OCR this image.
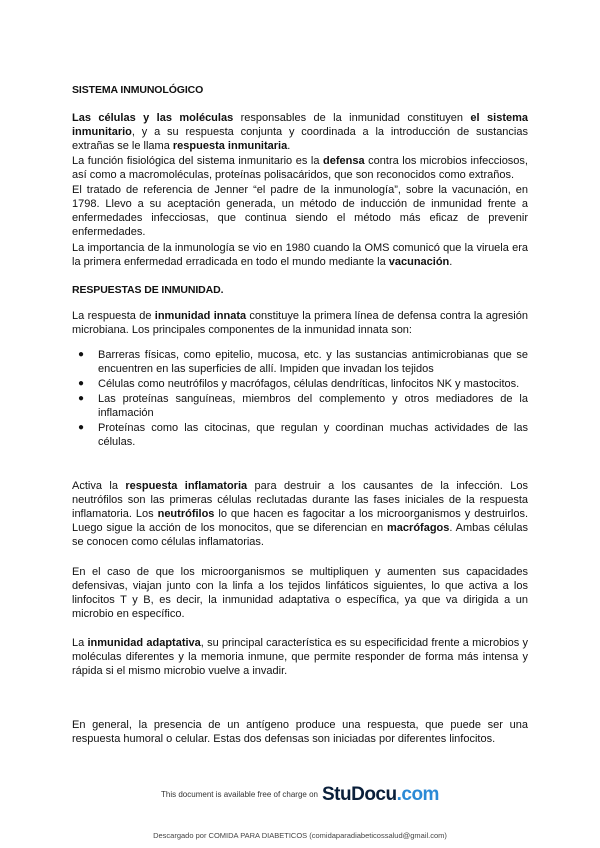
SISTEMA INMUNOLÓGICO
Las células y las moléculas responsables de la inmunidad constituyen el sistema inmunitario, y a su respuesta conjunta y coordinada a la introducción de sustancias extrañas se le llama respuesta inmunitaria.
La función fisiológica del sistema inmunitario es la defensa contra los microbios infecciosos, así como a macromoléculas, proteínas polisacáridos, que son reconocidos como extraños.
El tratado de referencia de Jenner “el padre de la inmunología”, sobre la vacunación, en 1798. Llevo a su aceptación generada, un método de inducción de inmunidad frente a enfermedades infecciosas, que continua siendo el método más eficaz de prevenir enfermedades.
La importancia de la inmunología se vio en 1980 cuando la OMS comunicó que la viruela era la primera enfermedad erradicada en todo el mundo mediante la vacunación.
RESPUESTAS DE INMUNIDAD.
La respuesta de inmunidad innata constituye la primera línea de defensa contra la agresión microbiana. Los principales componentes de la inmunidad innata son:
● Barreras físicas, como epitelio, mucosa, etc. y las sustancias antimicrobianas que se encuentren en las superficies de allí. Impiden que invadan los tejidos
● Células como neutrófilos y macrófagos, células dendríticas, linfocitos NK y mastocitos.
● Las proteínas sanguíneas, miembros del complemento y otros mediadores de la inflamación
● Proteínas como las citocinas, que regulan y coordinan muchas actividades de las células.
Activa la respuesta inflamatoria para destruir a los causantes de la infección. Los neutrófilos son las primeras células reclutadas durante las fases iniciales de la respuesta inflamatoria. Los neutrófilos lo que hacen es fagocitar a los microorganismos y destruirlos. Luego sigue la acción de los monocitos, que se diferencian en macrófagos. Ambas células se conocen como células inflamatorias.
En el caso de que los microorganismos se multipliquen y aumenten sus capacidades defensivas, viajan junto con la linfa a los tejidos linfáticos siguientes, lo que activa a los linfocitos T y B, es decir, la inmunidad adaptativa o específica, ya que va dirigida a un microbio en específico.
La inmunidad adaptativa, su principal característica es su especificidad frente a microbios y moléculas diferentes y la memoria inmune, que permite responder de forma más intensa y rápida si el mismo microbio vuelve a invadir.
En general, la presencia de un antígeno produce una respuesta, que puede ser una respuesta humoral o celular. Estas dos defensas son iniciadas por diferentes linfocitos.
This document is available free of charge on StuDocu.com
Descargado por COMIDA PARA DIABETICOS (comidaparadiabeticossalud@gmail.com)
